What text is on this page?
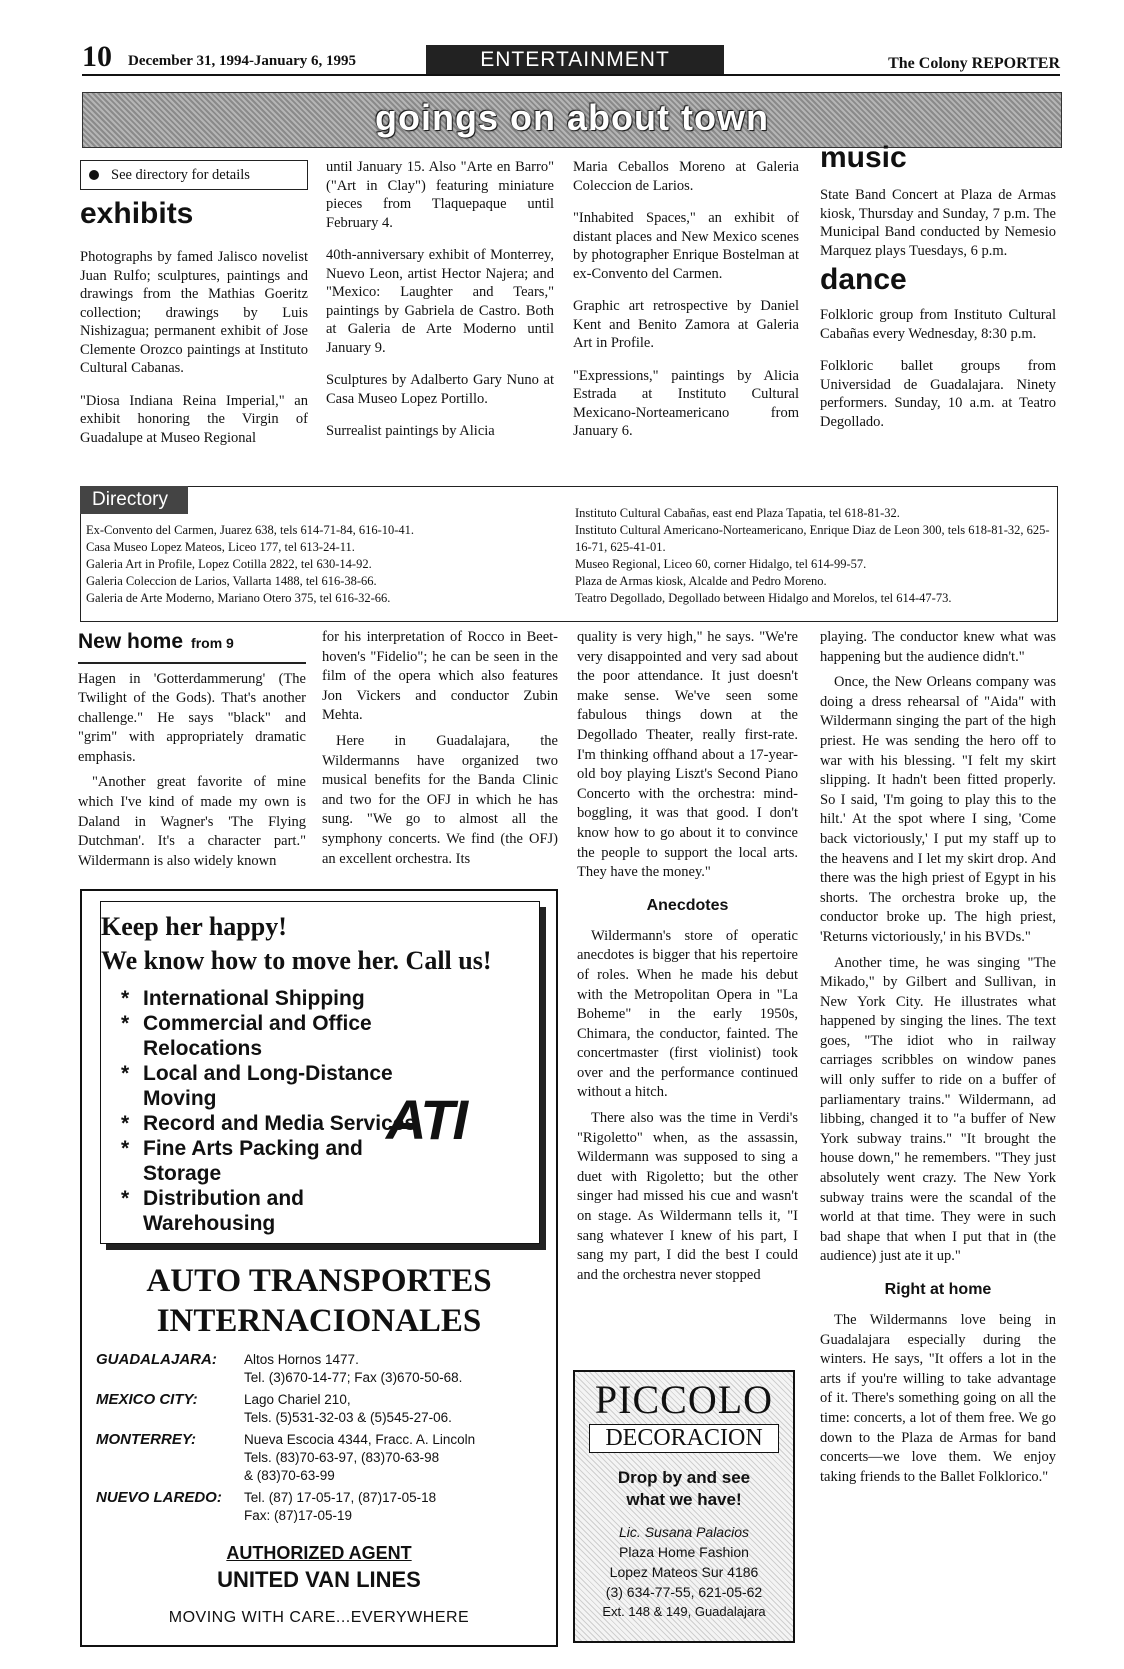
10 December 31, 1994-January 6, 1995	ENTERTAINMENT	The Colony REPORTER
goings on about town
See directory for details
exhibits

Photographs by famed Jalisco novelist Juan Rulfo; sculptures, paintings and drawings from the Mathias Goeritz collection; drawings by Luis Nishizagua; permanent exhibit of Jose Clemente Orozco paintings at Instituto Cultural Cabanas.

"Diosa Indiana Reina Imperial," an exhibit honoring the Virgin of Guadalupe at Museo Regional

until January 15. Also "Arte en Barro" ("Art in Clay") featuring miniature pieces from Tlaquepaque until February 4.

40th-anniversary exhibit of Monterrey, Nuevo Leon, artist Hector Najera; and "Mexico: Laughter and Tears," paintings by Gabriela de Castro. Both at Galeria de Arte Moderno until January 9.

Sculptures by Adalberto Gary Nuno at Casa Museo Lopez Portillo.

Surrealist paintings by Alicia

Maria Ceballos Moreno at Galeria Coleccion de Larios.

"Inhabited Spaces," an exhibit of distant places and New Mexico scenes by photographer Enrique Bostelman at ex-Convento del Carmen.

Graphic art retrospective by Daniel Kent and Benito Zamora at Galeria Art in Profile.

"Expressions," paintings by Alicia Estrada at Instituto Cultural Mexicano-Norteamericano from January 6.

music

State Band Concert at Plaza de Armas kiosk, Thursday and Sunday, 7 p.m. The Municipal Band conducted by Nemesio Marquez plays Tuesdays, 6 p.m.

dance

Folkloric group from Instituto Cultural Cabañas every Wednesday, 8:30 p.m.

Folkloric ballet groups from Universidad de Guadalajara. Ninety performers. Sunday, 10 a.m. at Teatro Degollado.

Directory
Ex-Convento del Carmen, Juarez 638, tels 614-71-84, 616-10-41.
Casa Museo Lopez Mateos, Liceo 177, tel 613-24-11.
Galeria Art in Profile, Lopez Cotilla 2822, tel 630-14-92.
Galeria Coleccion de Larios, Vallarta 1488, tel 616-38-66.
Galeria de Arte Moderno, Mariano Otero 375, tel 616-32-66.
Instituto Cultural Cabañas, east end Plaza Tapatia, tel 618-81-32.
Instituto Cultural Americano-Norteamericano, Enrique Diaz de Leon 300, tels 618-81-32, 625-16-71, 625-41-01.
Museo Regional, Liceo 60, corner Hidalgo, tel 614-99-57.
Plaza de Armas kiosk, Alcalde and Pedro Moreno.
Teatro Degollado, Degollado between Hidalgo and Morelos, tel 614-47-73.
New home from 9

Hagen in 'Gotterdammerung' (The Twilight of the Gods). That's another challenge." He says "black" and "grim" with appropriately dramatic emphasis.

"Another great favorite of mine which I've kind of made my own is Daland in Wagner's 'The Flying Dutchman'. It's a character part." Wildermann is also widely known

for his interpretation of Rocco in Beet-hoven's "Fidelio"; he can be seen in the film of the opera which also features Jon Vickers and conductor Zubin Mehta.

Here in Guadalajara, the Wildermanns have organized two musical benefits for the Banda Clinic and two for the OFJ in which he has sung. "We go to almost all the symphony concerts. We find (the OFJ) an excellent orchestra. Its

quality is very high," he says. "We're very disappointed and very sad about the poor attendance. It just doesn't make sense. We've seen some fabulous things down at the Degollado Theater, really first-rate. I'm thinking offhand about a 17-year-old boy playing Liszt's Second Piano Concerto with the orchestra: mind-boggling, it was that good. I don't know how to go about it to convince the people to support the local arts. They have the money."

Anecdotes

Wildermann's store of operatic anecdotes is bigger that his repertoire of roles. When he made his debut with the Metropolitan Opera in "La Boheme" in the early 1950s, Chimara, the conductor, fainted. The concertmaster (first violinist) took over and the performance continued without a hitch.

There also was the time in Verdi's "Rigoletto" when, as the assassin, Wildermann was supposed to sing a duet with Rigoletto; but the other singer had missed his cue and wasn't on stage. As Wildermann tells it, "I sang whatever I knew of his part, I sang my part, I did the best I could and the orchestra never stopped

playing. The conductor knew what was happening but the audience didn't."

Once, the New Orleans company was doing a dress rehearsal of "Aida" with Wildermann singing the part of the high priest. He was sending the hero off to war with his blessing. "I felt my skirt slipping. It hadn't been fitted properly. So I said, 'I'm going to play this to the hilt.' At the spot where I sing, 'Come back victoriously,' I put my staff up to the heavens and I let my skirt drop. And there was the high priest of Egypt in his shorts. The orchestra broke up, the conductor broke up. The high priest, 'Returns victoriously,' in his BVDs."

Another time, he was singing "The Mikado," by Gilbert and Sullivan, in New York City. He illustrates what happened by singing the lines. The text goes, "The idiot who in railway carriages scribbles on window panes will only suffer to ride on a buffer of parliamentary trains." Wildermann, ad libbing, changed it to "a buffer of New York subway trains." "It brought the house down," he remembers. "They just absolutely went crazy. The New York subway trains were the scandal of the world at that time. They were in such bad shape that when I put that in (the audience) just ate it up."

Right at home

The Wildermanns love being in Guadalajara especially during the winters. He says, "It offers a lot in the arts if you're willing to take advantage of it. There's something going on all the time: concerts, a lot of them free. We go down to the Plaza de Armas for band concerts—we love them. We enjoy taking friends to the Ballet Folklorico."

Keep her happy!
We know how to move her. Call us!
* International Shipping
* Commercial and Office Relocations
* Local and Long-Distance Moving
* Record and Media Services
* Fine Arts Packing and Storage
* Distribution and Warehousing
ATI
AUTO TRANSPORTES
INTERNACIONALES
GUADALAJARA:	Altos Hornos 1477.
Tel. (3)670-14-77; Fax (3)670-50-68.
MEXICO CITY:	Lago Chariel 210,
Tels. (5)531-32-03 & (5)545-27-06.
MONTERREY:	Nueva Escocia 4344, Fracc. A. Lincoln
Tels. (83)70-63-97, (83)70-63-98
& (83)70-63-99
NUEVO LAREDO:	Tel. (87) 17-05-17, (87)17-05-18
Fax: (87)17-05-19
AUTHORIZED AGENT
UNITED VAN LINES
MOVING WITH CARE...EVERYWHERE
PICCOLO
DECORACION
Drop by and see
what we have!
Lic. Susana Palacios
Plaza Home Fashion
Lopez Mateos Sur 4186
(3) 634-77-55, 621-05-62
Ext. 148 & 149, Guadalajara
